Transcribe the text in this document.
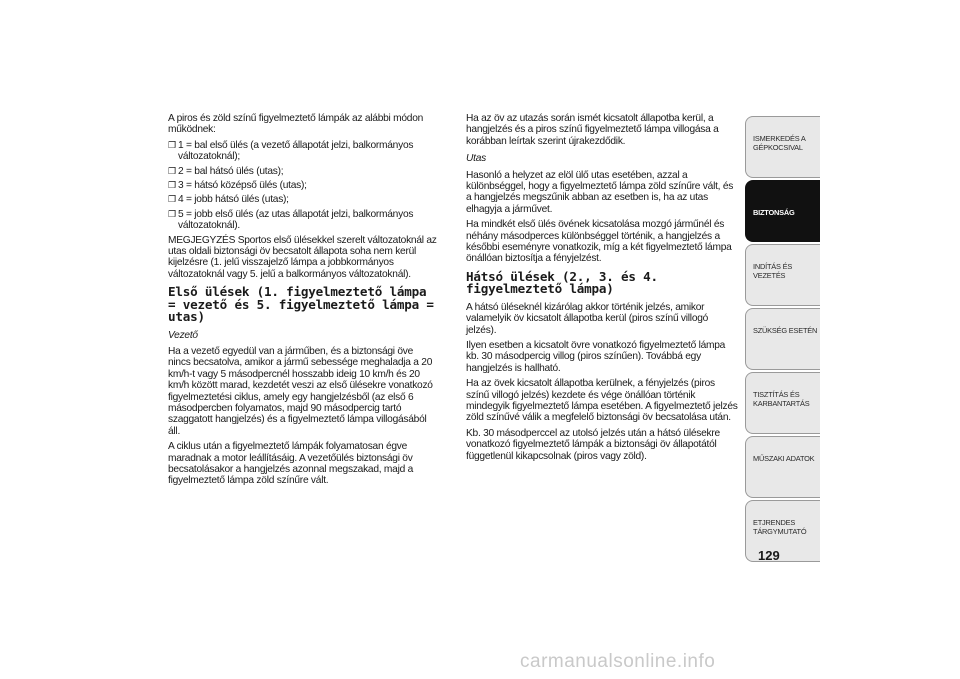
A piros és zöld színű figyelmeztető lámpák az alábbi módon működnek:

❒ 1 = bal első ülés (a vezető állapotát jelzi, balkormányos változatoknál);
❒ 2 = bal hátsó ülés (utas);
❒ 3 = hátsó középső ülés (utas);
❒ 4 = jobb hátsó ülés (utas);
❒ 5 = jobb első ülés (az utas állapotát jelzi, balkormányos változatoknál).

MEGJEGYZÉS Sportos első ülésekkel szerelt változatoknál az utas oldali biztonsági öv becsatolt állapota soha nem kerül kijelzésre (1. jelű visszajelző lámpa a jobbkormányos változatoknál vagy 5. jelű a balkormányos változatoknál).

Első ülések (1. figyelmeztető lámpa = vezető és 5. figyelmeztető lámpa = utas)

Vezető

Ha a vezető egyedül van a járműben, és a biztonsági öve nincs becsatolva, amikor a jármű sebessége meghaladja a 20 km/h-t vagy 5 másodpercnél hosszabb ideig 10 km/h és 20 km/h között marad, kezdetét veszi az első ülésekre vonatkozó figyelmeztetési ciklus, amely egy hangjelzésből (az első 6 másodpercben folyamatos, majd 90 másodpercig tartó szaggatott hangjelzés) és a figyelmeztető lámpa villogásából áll.

A ciklus után a figyelmeztető lámpák folyamatosan égve maradnak a motor leállításáig. A vezetőülés biztonsági öv becsatolásakor a hangjelzés azonnal megszakad, majd a figyelmeztető lámpa zöld színűre vált.

Ha az öv az utazás során ismét kicsatolt állapotba kerül, a hangjelzés és a piros színű figyelmeztető lámpa villogása a korábban leírtak szerint újrakezdődik.

Utas

Hasonló a helyzet az elöl ülő utas esetében, azzal a különbséggel, hogy a figyelmeztető lámpa zöld színűre vált, és a hangjelzés megszűnik abban az esetben is, ha az utas elhagyja a járművet.

Ha mindkét első ülés övének kicsatolása mozgó járműnél és néhány másodperces különbséggel történik, a hangjelzés a későbbi eseményre vonatkozik, míg a két figyelmeztető lámpa önállóan biztosítja a fényjelzést.

Hátsó ülések (2., 3. és 4. figyelmeztető lámpa)

A hátsó üléseknél kizárólag akkor történik jelzés, amikor valamelyik öv kicsatolt állapotba kerül (piros színű villogó jelzés).

Ilyen esetben a kicsatolt övre vonatkozó figyelmeztető lámpa kb. 30 másodpercig villog (piros színűen). Továbbá egy hangjelzés is hallható.

Ha az övek kicsatolt állapotba kerülnek, a fényjelzés (piros színű villogó jelzés) kezdete és vége önállóan történik mindegyik figyelmeztető lámpa esetében. A figyelmeztető jelzés zöld színűvé válik a megfelelő biztonsági öv becsatolása után.

Kb. 30 másodperccel az utolsó jelzés után a hátsó ülésekre vonatkozó figyelmeztető lámpák a biztonsági öv állapotától függetlenül kikapcsolnak (piros vagy zöld).

ISMERKEDÉS A GÉPKOCSIVAL
BIZTONSÁG
INDÍTÁS ÉS VEZETÉS
SZÜKSÉG ESETÉN
TISZTÍTÁS ÉS KARBANTARTÁS
MŰSZAKI ADATOK
ETJRENDES TÁRGYMUTATÓ
129
carmanualsonline.info
